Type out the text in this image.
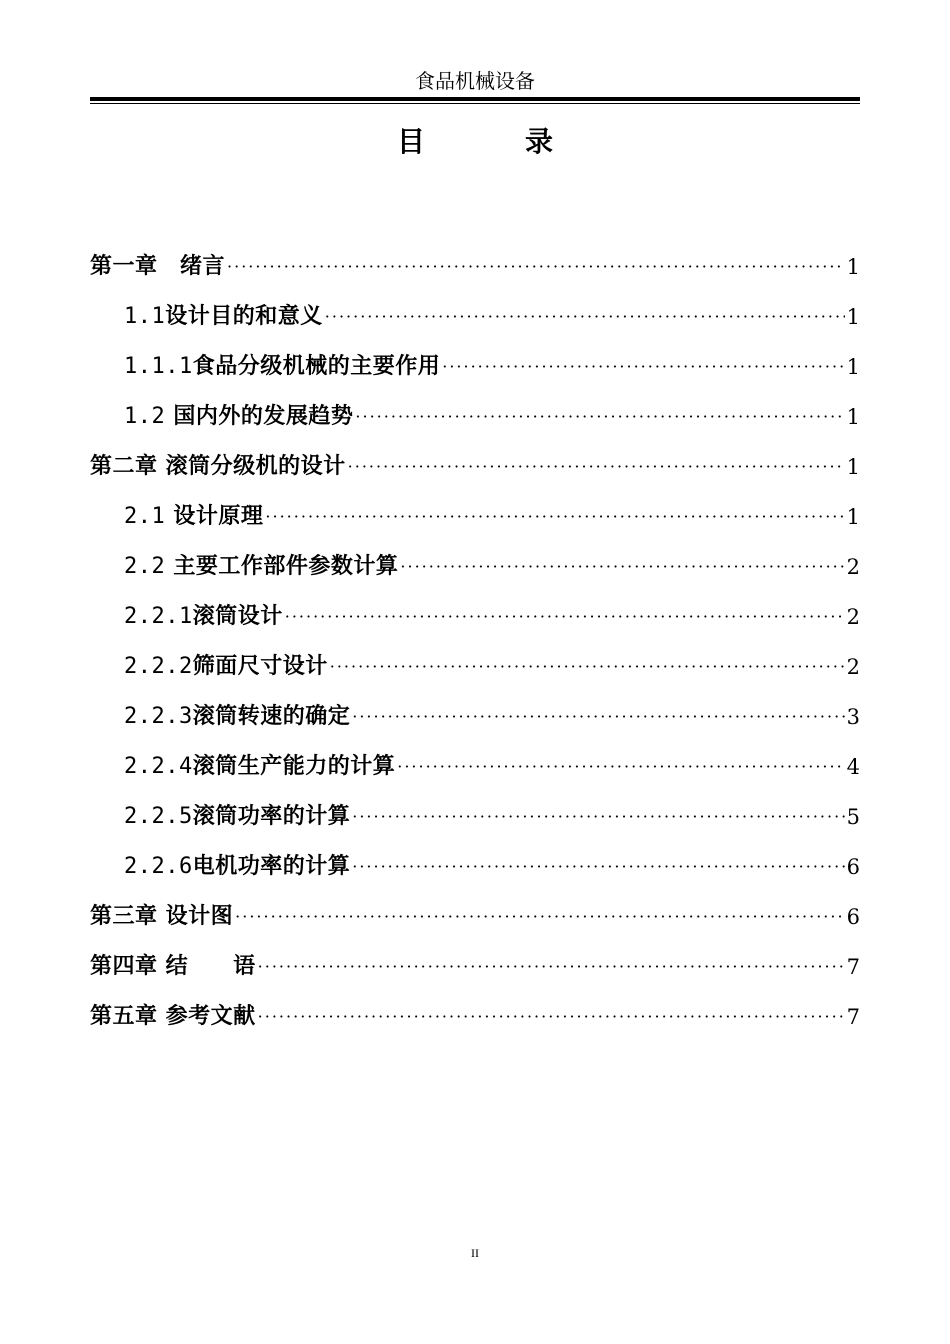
食品机械设备
目	录
第一章　绪言 ·····	1
1.1设计目的和意义 ·····	1
1.1.1食品分级机械的主要作用 ·····	1
1.2 国内外的发展趋势 ·····	1
第二章 滚筒分级机的设计 ·····	1
2.1 设计原理 ·····	1
2.2 主要工作部件参数计算 ·····	2
2.2.1滚筒设计 ·····	2
2.2.2筛面尺寸设计 ·····	2
2.2.3滚筒转速的确定 ·····	3
2.2.4滚筒生产能力的计算 ·····	4
2.2.5滚筒功率的计算 ·····	5
2.2.6电机功率的计算 ·····	6
第三章 设计图 ·····	6
第四章 结　　语 ·····	7
第五章 参考文献 ·····	7
II
